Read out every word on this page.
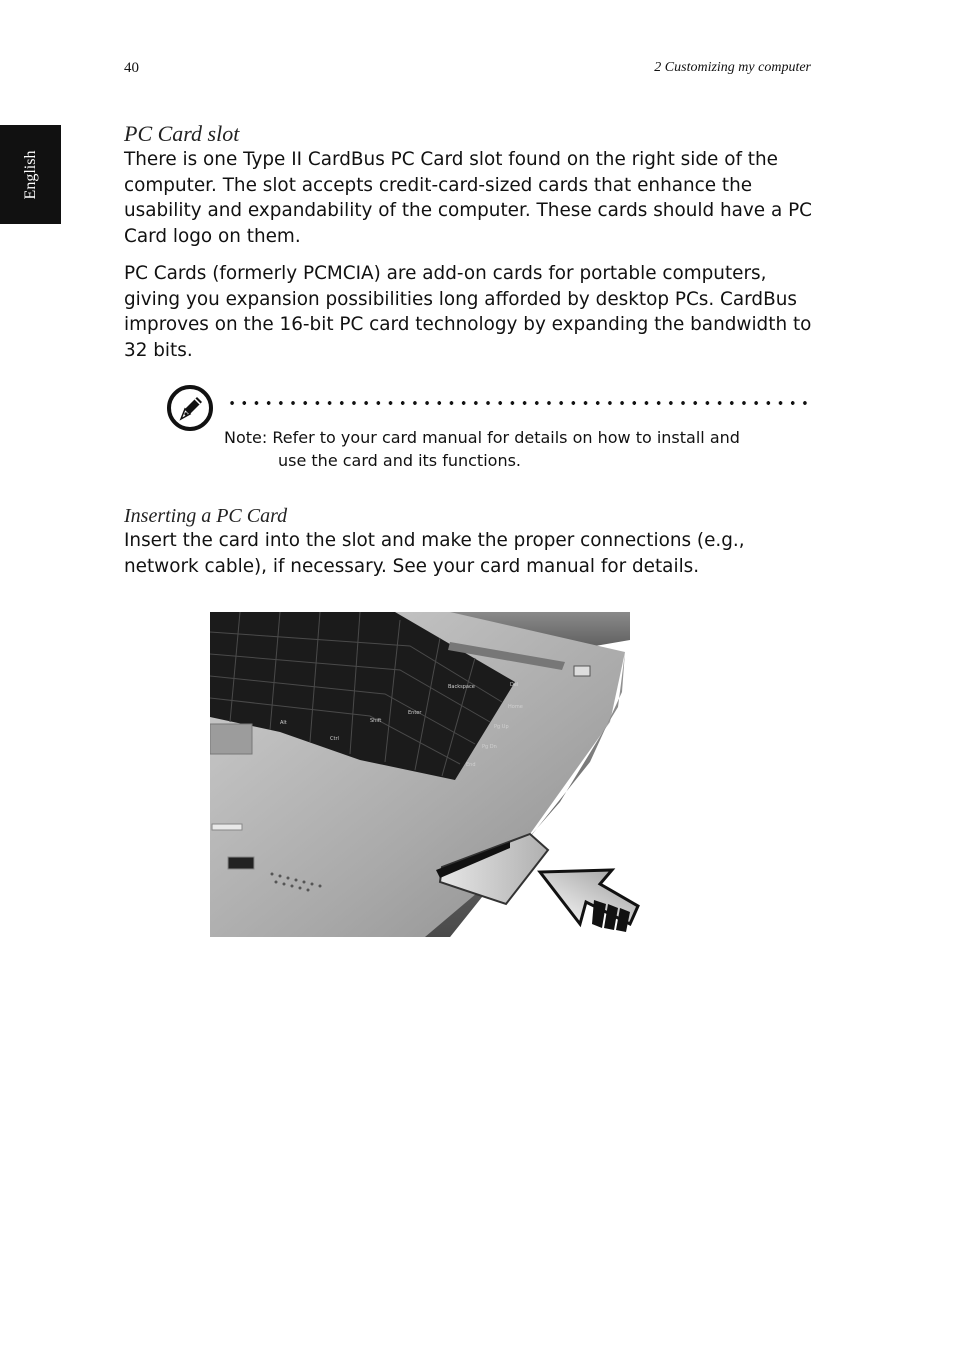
40	2 Customizing my computer
English
PC Card slot

There is one Type II CardBus PC Card slot found on the right side of the computer. The slot accepts credit-card-sized cards that enhance the usability and expandability of the computer. These cards should have a PC Card logo on them.

PC Cards (formerly PCMCIA) are add-on cards for portable computers, giving you expansion possibilities long afforded by desktop PCs. CardBus improves on the 16-bit PC card technology by expanding the bandwidth to 32 bits.

Note: Refer to your card manual for details on how to install and
use the card and its functions.
Inserting a PC Card

Insert the card into the slot and make the proper connections (e.g., network cable), if necessary. See your card manual for details.

Backspace
Home
Pg Up
Pg Dn
End
Enter
Shift
Ctrl
Alt
Del
